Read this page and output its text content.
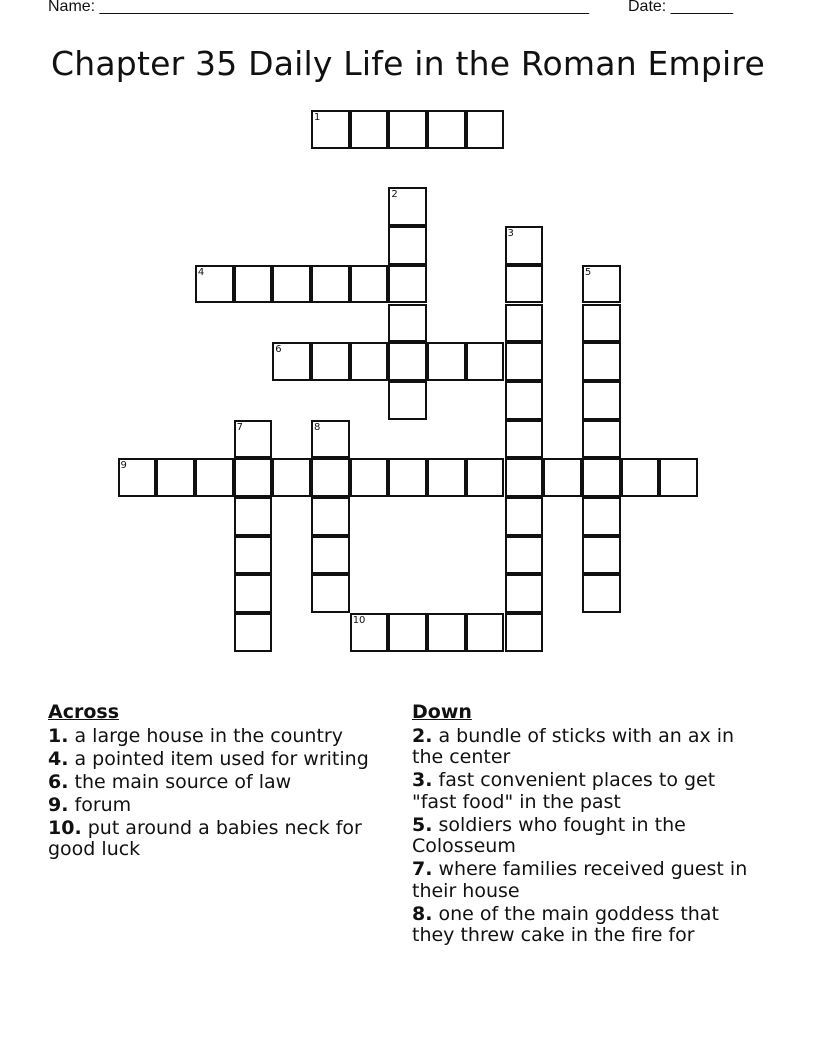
Name: _______________________________________________________ Date: _______
Chapter 35 Daily Life in the Roman Empire
1
2
3
4	5
6
7	8
9
10
Across
1. a large house in the country
4. a pointed item used for writing
6. the main source of law
9. forum
10. put around a babies neck for good luck
Down
2. a bundle of sticks with an ax in the center
3. fast convenient places to get "fast food" in the past
5. soldiers who fought in the Colosseum
7. where families received guest in their house
8. one of the main goddess that they threw cake in the fire for
